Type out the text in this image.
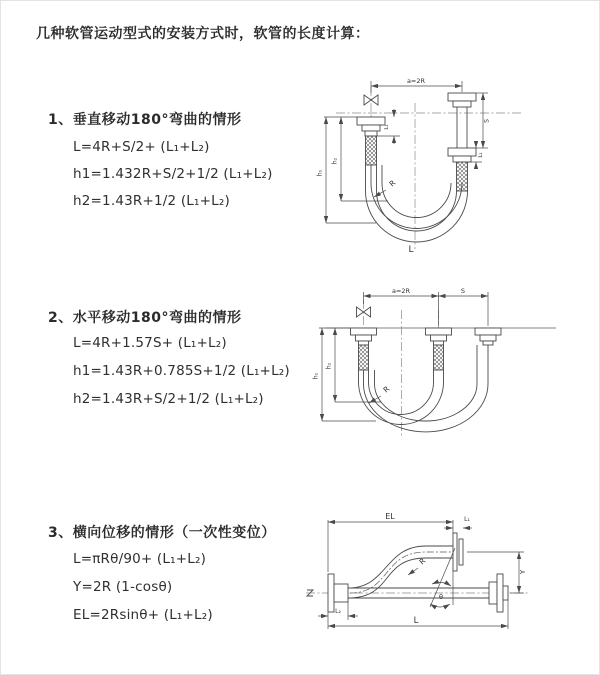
几种软管运动型式的安装方式时，软管的长度计算：
1、垂直移动180°弯曲的情形
L=4R+S/2+ (L₁+L₂)
h1=1.432R+S/2+1/2 (L₁+L₂)
h2=1.43R+1/2 (L₁+L₂)
2、水平移动180°弯曲的情形
L=4R+1.57S+ (L₁+L₂)
h1=1.43R+0.785S+1/2 (L₁+L₂)
h2=1.43R+S/2+1/2 (L₁+L₂)
3、横向位移的情形（一次性变位）
L=πRθ/90+ (L₁+L₂)
Y=2R (1-cosθ)
EL=2Rsinθ+ (L₁+L₂)
a=2R
L₁
S
L₁
h₂
h₁
R
L
a=2R	S
h₂
h₁
R
EL	L₁
θ
R
Y
L₂
L
